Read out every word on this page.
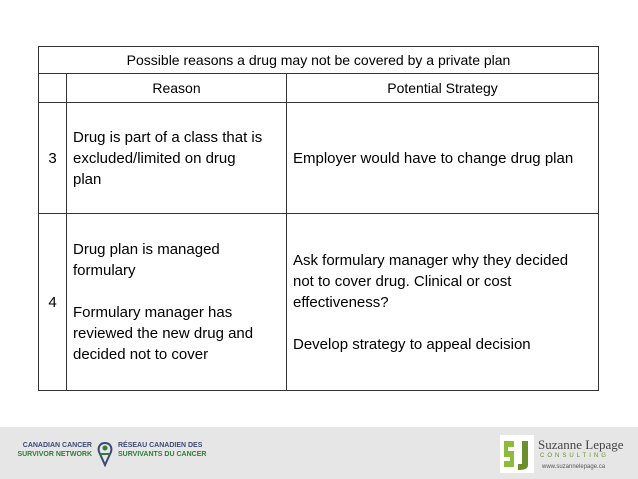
Possible reasons a drug may not be covered by a private plan		
	Reason	Potential Strategy
3	Drug is part of a class that is
excluded/limited on drug
plan	Employer would have to change drug plan
4	Drug plan is managed
formulary
Formulary manager has
reviewed the new drug and
decided not to cover	Ask formulary manager why they decided
not to cover drug. Clinical or cost
effectiveness?
Develop strategy to appeal decision
CANADIAN CANCER
SURVIVOR NETWORK
RÉSEAU CANADIEN DES
SURVIVANTS DU CANCER
Suzanne Lepage
CONSULTING
www.suzannelepage.ca
